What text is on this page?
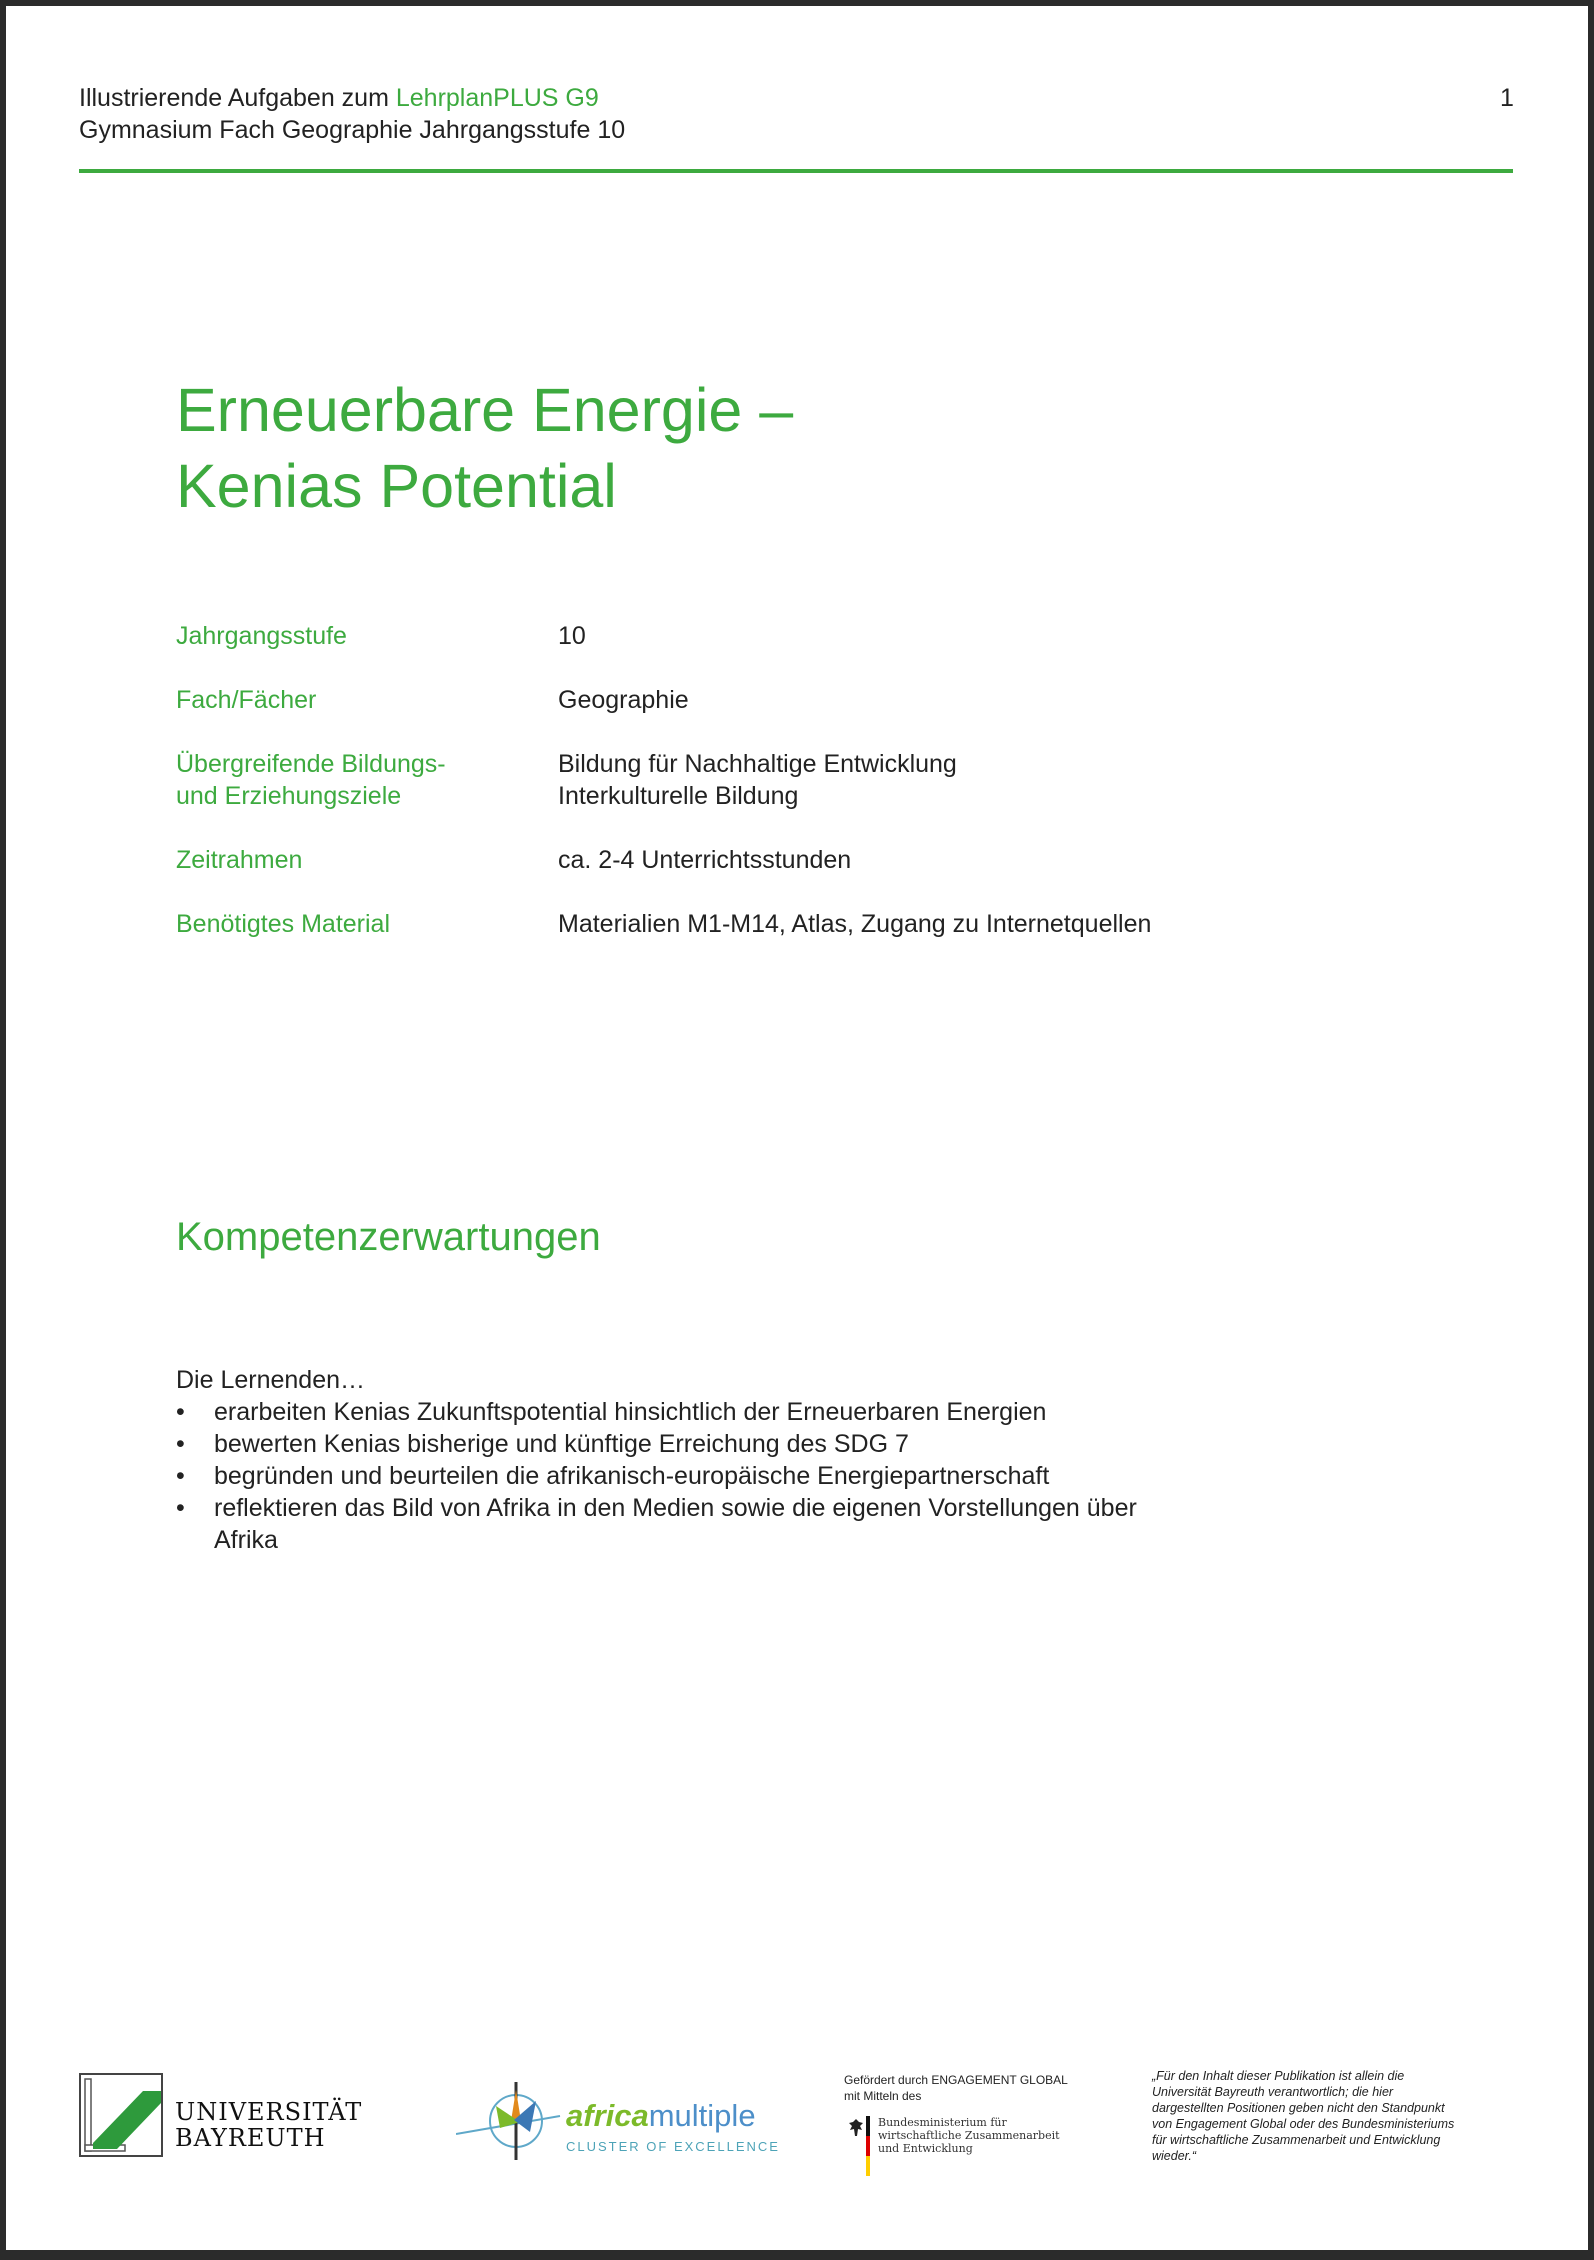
Illustrierende Aufgaben zum LehrplanPLUS G9
Gymnasium Fach Geographie Jahrgangsstufe 10
1
Erneuerbare Energie –
Kenias Potential
Jahrgangsstufe	10
Fach/Fächer	Geographie
Übergreifende Bildungs-	Bildung für Nachhaltige Entwicklung
und Erziehungsziele	Interkulturelle Bildung
Zeitrahmen	ca. 2-4 Unterrichtsstunden
Benötigtes Material	Materialien M1-M14, Atlas, Zugang zu Internetquellen
Kompetenzerwartungen
Die Lernenden…
• erarbeiten Kenias Zukunftspotential hinsichtlich der Erneuerbaren Energien
• bewerten Kenias bisherige und künftige Erreichung des SDG 7
• begründen und beurteilen die afrikanisch-europäische Energiepartnerschaft
• reflektieren das Bild von Afrika in den Medien sowie die eigenen Vorstellungen über
Afrika
UNIVERSITÄT
BAYREUTH
africamultiple
CLUSTER OF EXCELLENCE
Gefördert durch ENGAGEMENT GLOBAL
mit Mitteln des
Bundesministerium für
wirtschaftliche Zusammenarbeit
und Entwicklung
„Für den Inhalt dieser Publikation ist allein die
Universität Bayreuth verantwortlich; die hier
dargestellten Positionen geben nicht den Standpunkt
von Engagement Global oder des Bundesministeriums
für wirtschaftliche Zusammenarbeit und Entwicklung
wieder.“
